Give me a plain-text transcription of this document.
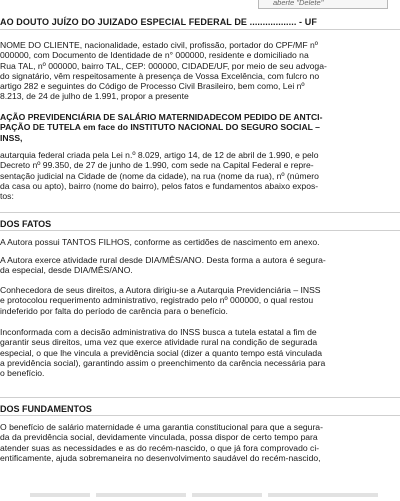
aberte "Delete"
AO DOUTO JUÍZO DO JUIZADO ESPECIAL FEDERAL DE .................. - UF
NOME DO CLIENTE, nacionalidade, estado civil, profissão, portador do CPF/MF nº
000000, com Documento de Identidade de n° 000000, residente e domiciliado na
Rua TAL, nº 000000, bairro TAL, CEP: 000000, CIDADE/UF, por meio de seu advoga-
do signatário, vêm respeitosamente à presença de Vossa Excelência, com fulcro no
artigo 282 e seguintes do Código de Processo Civil Brasileiro, bem como, Lei nº
8.213, de 24 de julho de 1.991, propor a presente
AÇÃO PREVIDENCIÁRIA DE SALÁRIO MATERNIDADECOM PEDIDO DE ANTCI-
PAÇÃO DE TUTELA em face do INSTITUTO NACIONAL DO SEGURO SOCIAL –
INSS,
autarquia federal criada pela Lei n.º 8.029, artigo 14, de 12 de abril de 1.990, e pelo
Decreto nº 99.350, de 27 de junho de 1.990, com sede na Capital Federal e repre-
sentação judicial na Cidade de (nome da cidade), na rua (nome da rua), nº (número
da casa ou apto), bairro (nome do bairro), pelos fatos e fundamentos abaixo expos-
tos:
DOS FATOS
A Autora possui TANTOS FILHOS, conforme as certidões de nascimento em anexo.
A Autora exerce atividade rural desde DIA/MÊS/ANO. Desta forma a autora é segura-
da especial, desde DIA/MÊS/ANO.
Conhecedora de seus direitos, a Autora dirigiu-se a Autarquia Previdenciária – INSS
e protocolou requerimento administrativo, registrado pelo nº 000000, o qual restou
indeferido por falta do período de carência para o benefício.
Inconformada com a decisão administrativa do INSS busca a tutela estatal a fim de
garantir seus direitos, uma vez que exerce atividade rural na condição de segurada
especial, o que lhe vincula a previdência social (dizer a quanto tempo está vinculada
a previdência social), garantindo assim o preenchimento da carência necessária para
o benefício.
DOS FUNDAMENTOS
O benefício de salário maternidade é uma garantia constitucional para que a segura-
da da previdência social, devidamente vinculada, possa dispor de certo tempo para
atender suas as necessidades e as do recém-nascido, o que já fora comprovado ci-
entificamente, ajuda sobremaneira no desenvolvimento saudável do recém-nascido,
